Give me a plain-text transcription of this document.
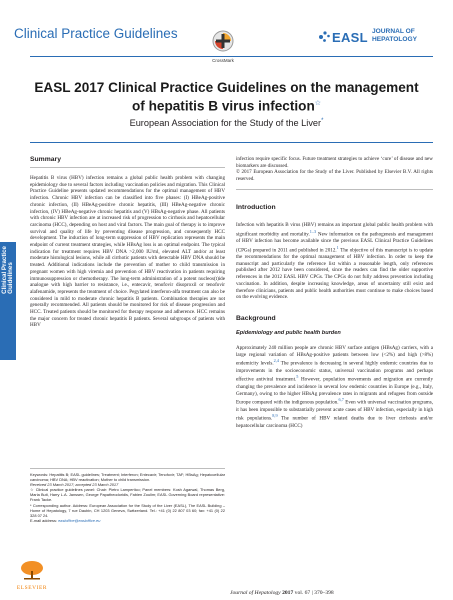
Clinical Practice Guidelines
CrossMark
EASL JOURNAL OF
HEPATOLOGY
EASL 2017 Clinical Practice Guidelines on the management
of hepatitis B virus infection☆
European Association for the Study of the Liver*
Clinical Practice
Guidelines
Summary

Hepatitis B virus (HBV) infection remains a global public health problem with changing epidemiology due to several factors including vaccination policies and migration. This Clinical Practice Guideline presents updated recommendations for the optimal management of HBV infection. Chronic HBV infection can be classified into five phases: (I) HBeAg-positive chronic infection, (II) HBeAg-positive chronic hepatitis, (III) HBeAg-negative chronic infection, (IV) HBeAg-negative chronic hepatitis and (V) HBsAg-negative phase. All patients with chronic HBV infection are at increased risk of progression to cirrhosis and hepatocellular carcinoma (HCC), depending on host and viral factors. The main goal of therapy is to improve survival and quality of life by preventing disease progression, and consequently HCC development. The induction of long-term suppression of HBV replication represents the main endpoint of current treatment strategies, while HBsAg loss is an optimal endpoint. The typical indication for treatment requires HBV DNA >2,000 IU/ml, elevated ALT and/or at least moderate histological lesions, while all cirrhotic patients with detectable HBV DNA should be treated. Additional indications include the prevention of mother to child transmission in pregnant women with high viremia and prevention of HBV reactivation in patients requiring immunosuppression or chemotherapy. The long-term administration of a potent nucleos(t)ide analogue with high barrier to resistance, i.e., entecavir, tenofovir disoproxil or tenofovir alafenamide, represents the treatment of choice. Pegylated interferon-alfa treatment can also be considered in mild to moderate chronic hepatitis B patients. Combination therapies are not generally recommended. All patients should be monitored for risk of disease progression and HCC. Treated patients should be monitored for therapy response and adherence. HCC remains the major concern for treated chronic hepatitis B patients. Several subgroups of patients with HBV

Keywords: Hepatitis B; EASL guidelines; Treatment; Interferon; Entecavir; Tenofovir; TAF; HBsAg; HepatocelIular carcinoma; HBV DNA; HBV reactivation; Mother to child transmission.

Received 23 March 2017; accepted 23 March 2017

☆ Clinical practice guidelines panel: Chair: Pietro Lampertico; Panel members: Kosh Agarwal, Thomas Berg, Maria Buti, Harry L.A. Janssen, George Papatheodoridis, Fabien Zoulim; EASL Governing Board representative: Frank Tacke.

* Corresponding author. Address: European Association for the Study of the Liver (EASL), The EASL Building – Home of Hepatology, 7 rue Daubin, CH 1203 Geneva, Switzerland. Tel.: +41 (0) 22 807 03 60; fax: +41 (0) 22 328 07 24.

E-mail address: easloffice@easloffice.eu

infection require specific focus. Future treatment strategies to achieve ‘cure’ of disease and new biomarkers are discussed.

© 2017 European Association for the Study of the Liver. Published by Elsevier B.V. All rights reserved.

Introduction

Infection with hepatitis B virus (HBV) remains an important global public health problem with significant morbidity and mortality.$^{1-3}$ New information on the pathogenesis and management of HBV infection has become available since the previous EASL Clinical Practice Guidelines (CPGs) prepared in 2011 and published in 2012.$^1$ The objective of this manuscript is to update the recommendations for the optimal management of HBV infection. In order to keep the manuscript and particularly the reference list within a reasonable length, only references published after 2012 have been considered, since the readers can find the older supportive references in the 2012 EASL HBV CPGs. The CPGs do not fully address prevention including vaccination. In addition, despite increasing knowledge, areas of uncertainty still exist and therefore clinicians, patients and public health authorities must continue to make choices based on the evolving evidence.

Background
Epidemiology and public health burden

Approximately 240 million people are chronic HBV surface antigen (HBsAg) carriers, with a large regional variation of HBsAg-positive patients between low (<2%) and high (>8%) endemicity levels.$^{2,4}$ The prevalence is decreasing in several highly endemic countries due to improvements in the socioeconomic status, universal vaccination programs and perhaps effective antiviral treatment.$^5$ However, population movements and migration are currently changing the prevalence and incidence in several low endemic countries in Europe (e.g., Italy, Germany), owing to the higher HBsAg prevalence rates in migrants and refugees from outside Europe compared with the indigenous population.$^{6,7}$ Even with universal vaccination programs, it has been impossible to substantially prevent acute cases of HBV infection, especially in high risk populations.$^{8,9}$ The number of HBV related deaths due to liver cirrhosis and/or hepatocellular carcinoma (HCC)

ELSEVIER
Journal of Hepatology 2017 vol. 67 | 370–398
